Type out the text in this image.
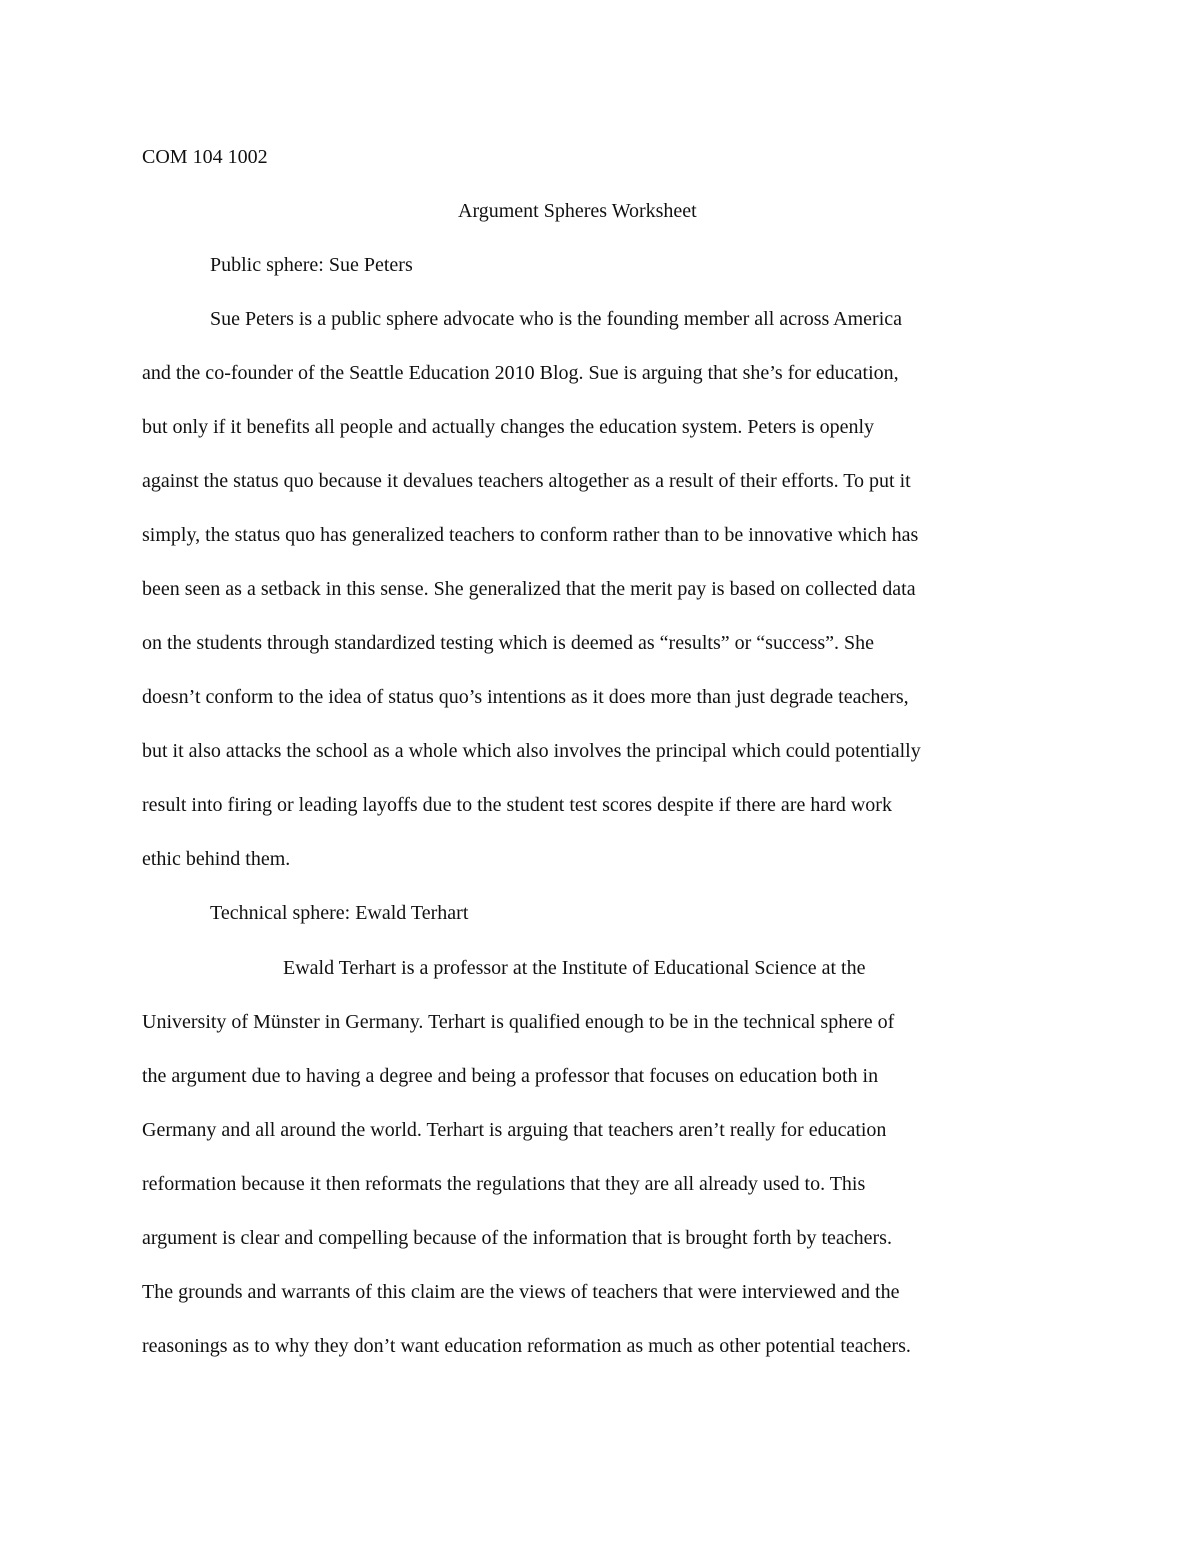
COM 104 1002
Argument Spheres Worksheet
Public sphere: Sue Peters
Sue Peters is a public sphere advocate who is the founding member all across America
and the co-founder of the Seattle Education 2010 Blog. Sue is arguing that she’s for education,
but only if it benefits all people and actually changes the education system. Peters is openly
against the status quo because it devalues teachers altogether as a result of their efforts. To put it
simply, the status quo has generalized teachers to conform rather than to be innovative which has
been seen as a setback in this sense. She generalized that the merit pay is based on collected data
on the students through standardized testing which is deemed as “results” or “success”. She
doesn’t conform to the idea of status quo’s intentions as it does more than just degrade teachers,
but it also attacks the school as a whole which also involves the principal which could potentially
result into firing or leading layoffs due to the student test scores despite if there are hard work
ethic behind them.
Technical sphere: Ewald Terhart
Ewald Terhart is a professor at the Institute of Educational Science at the
University of Münster in Germany. Terhart is qualified enough to be in the technical sphere of
the argument due to having a degree and being a professor that focuses on education both in
Germany and all around the world. Terhart is arguing that teachers aren’t really for education
reformation because it then reformats the regulations that they are all already used to. This
argument is clear and compelling because of the information that is brought forth by teachers.
The grounds and warrants of this claim are the views of teachers that were interviewed and the
reasonings as to why they don’t want education reformation as much as other potential teachers.
